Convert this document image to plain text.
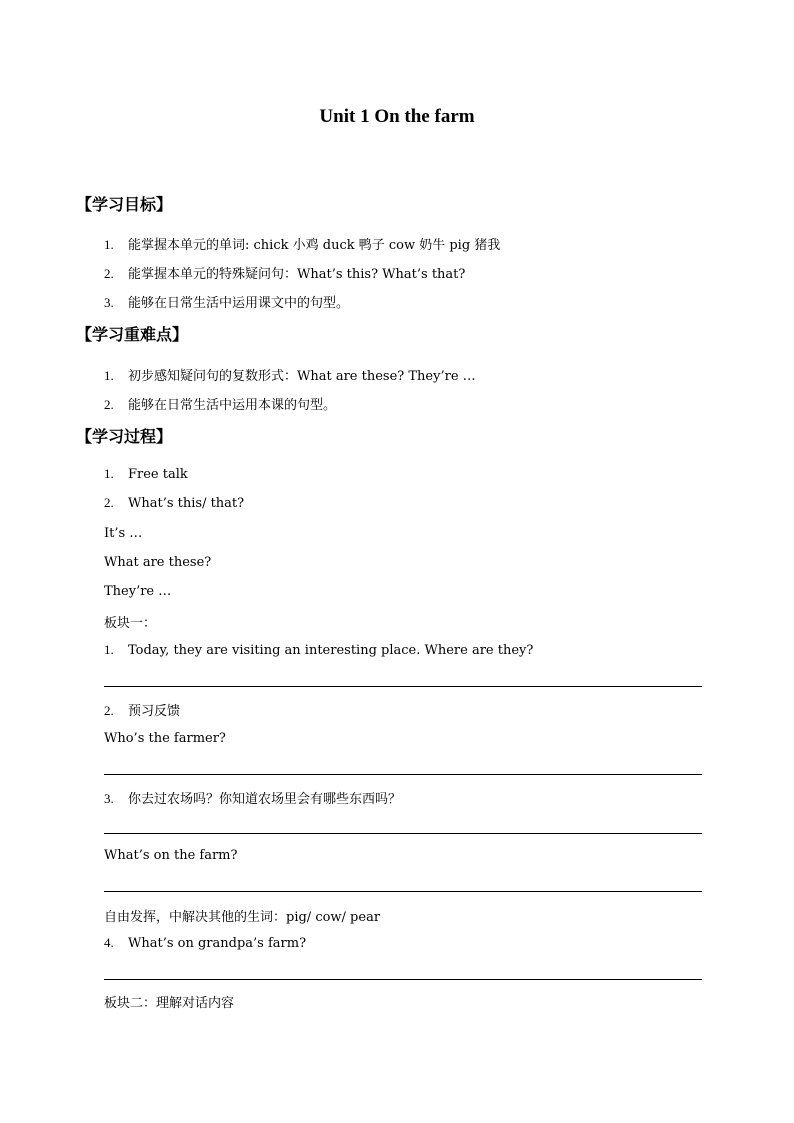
Unit 1 On the farm
【学习目标】
1. 能掌握本单元的单词: chick 小鸡 duck 鸭子 cow 奶牛 pig 猪我
2. 能掌握本单元的特殊疑问句：What’s this? What’s that?
3. 能够在日常生活中运用课文中的句型。
【学习重难点】
1. 初步感知疑问句的复数形式：What are these? They’re …
2. 能够在日常生活中运用本课的句型。
【学习过程】
1. Free talk
2. What’s this/ that?
It’s …
What are these?
They’re …
板块一：
1. Today, they are visiting an interesting place. Where are they?
2. 预习反馈
Who’s the farmer?
3. 你去过农场吗？你知道农场里会有哪些东西吗？
What’s on the farm?
自由发挥，中解决其他的生词：pig/ cow/ pear
4. What’s on grandpa’s farm?
板块二：理解对话内容
